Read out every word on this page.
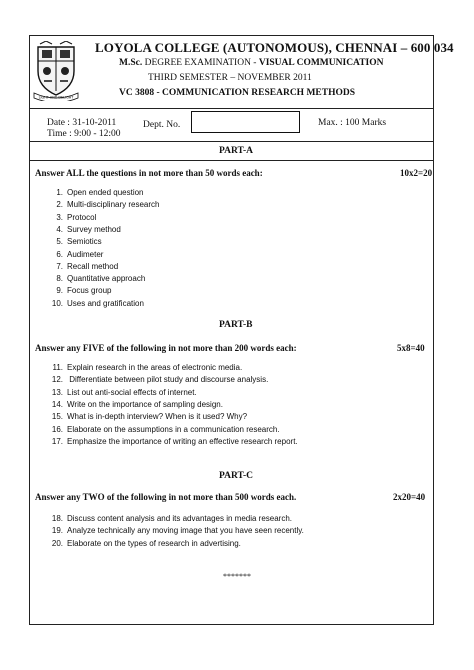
LIGHT AND DELIGHT
LOYOLA COLLEGE (AUTONOMOUS), CHENNAI – 600 034
M.Sc. DEGREE EXAMINATION - VISUAL COMMUNICATION
THIRD SEMESTER – NOVEMBER 2011
VC 3808 - COMMUNICATION RESEARCH METHODS
Date : 31-10-2011
Time : 9:00 - 12:00
Dept. No.	Max. : 100 Marks
PART-A
Answer ALL the questions in not more than 50 words each:	10x2=20
1. Open ended question
2. Multi-disciplinary research
3. Protocol
4. Survey method
5. Semiotics
6. Audimeter
7. Recall method
8. Quantitative approach
9. Focus group
10. Uses and gratification
PART-B
Answer any FIVE of the following in not more than 200 words each:	5x8=40
11. Explain research in the areas of electronic media.
12. Differentiate between pilot study and discourse analysis.
13. List out anti-social effects of internet.
14. Write on the importance of sampling design.
15. What is in-depth interview? When is it used? Why?
16. Elaborate on the assumptions in a communication research.
17. Emphasize the importance of writing an effective research report.
PART-C
Answer any TWO of the following in not more than 500 words each.	2x20=40
18. Discuss content analysis and its advantages in media research.
19. Analyze technically any moving image that you have seen recently.
20. Elaborate on the types of research in advertising.
*******
